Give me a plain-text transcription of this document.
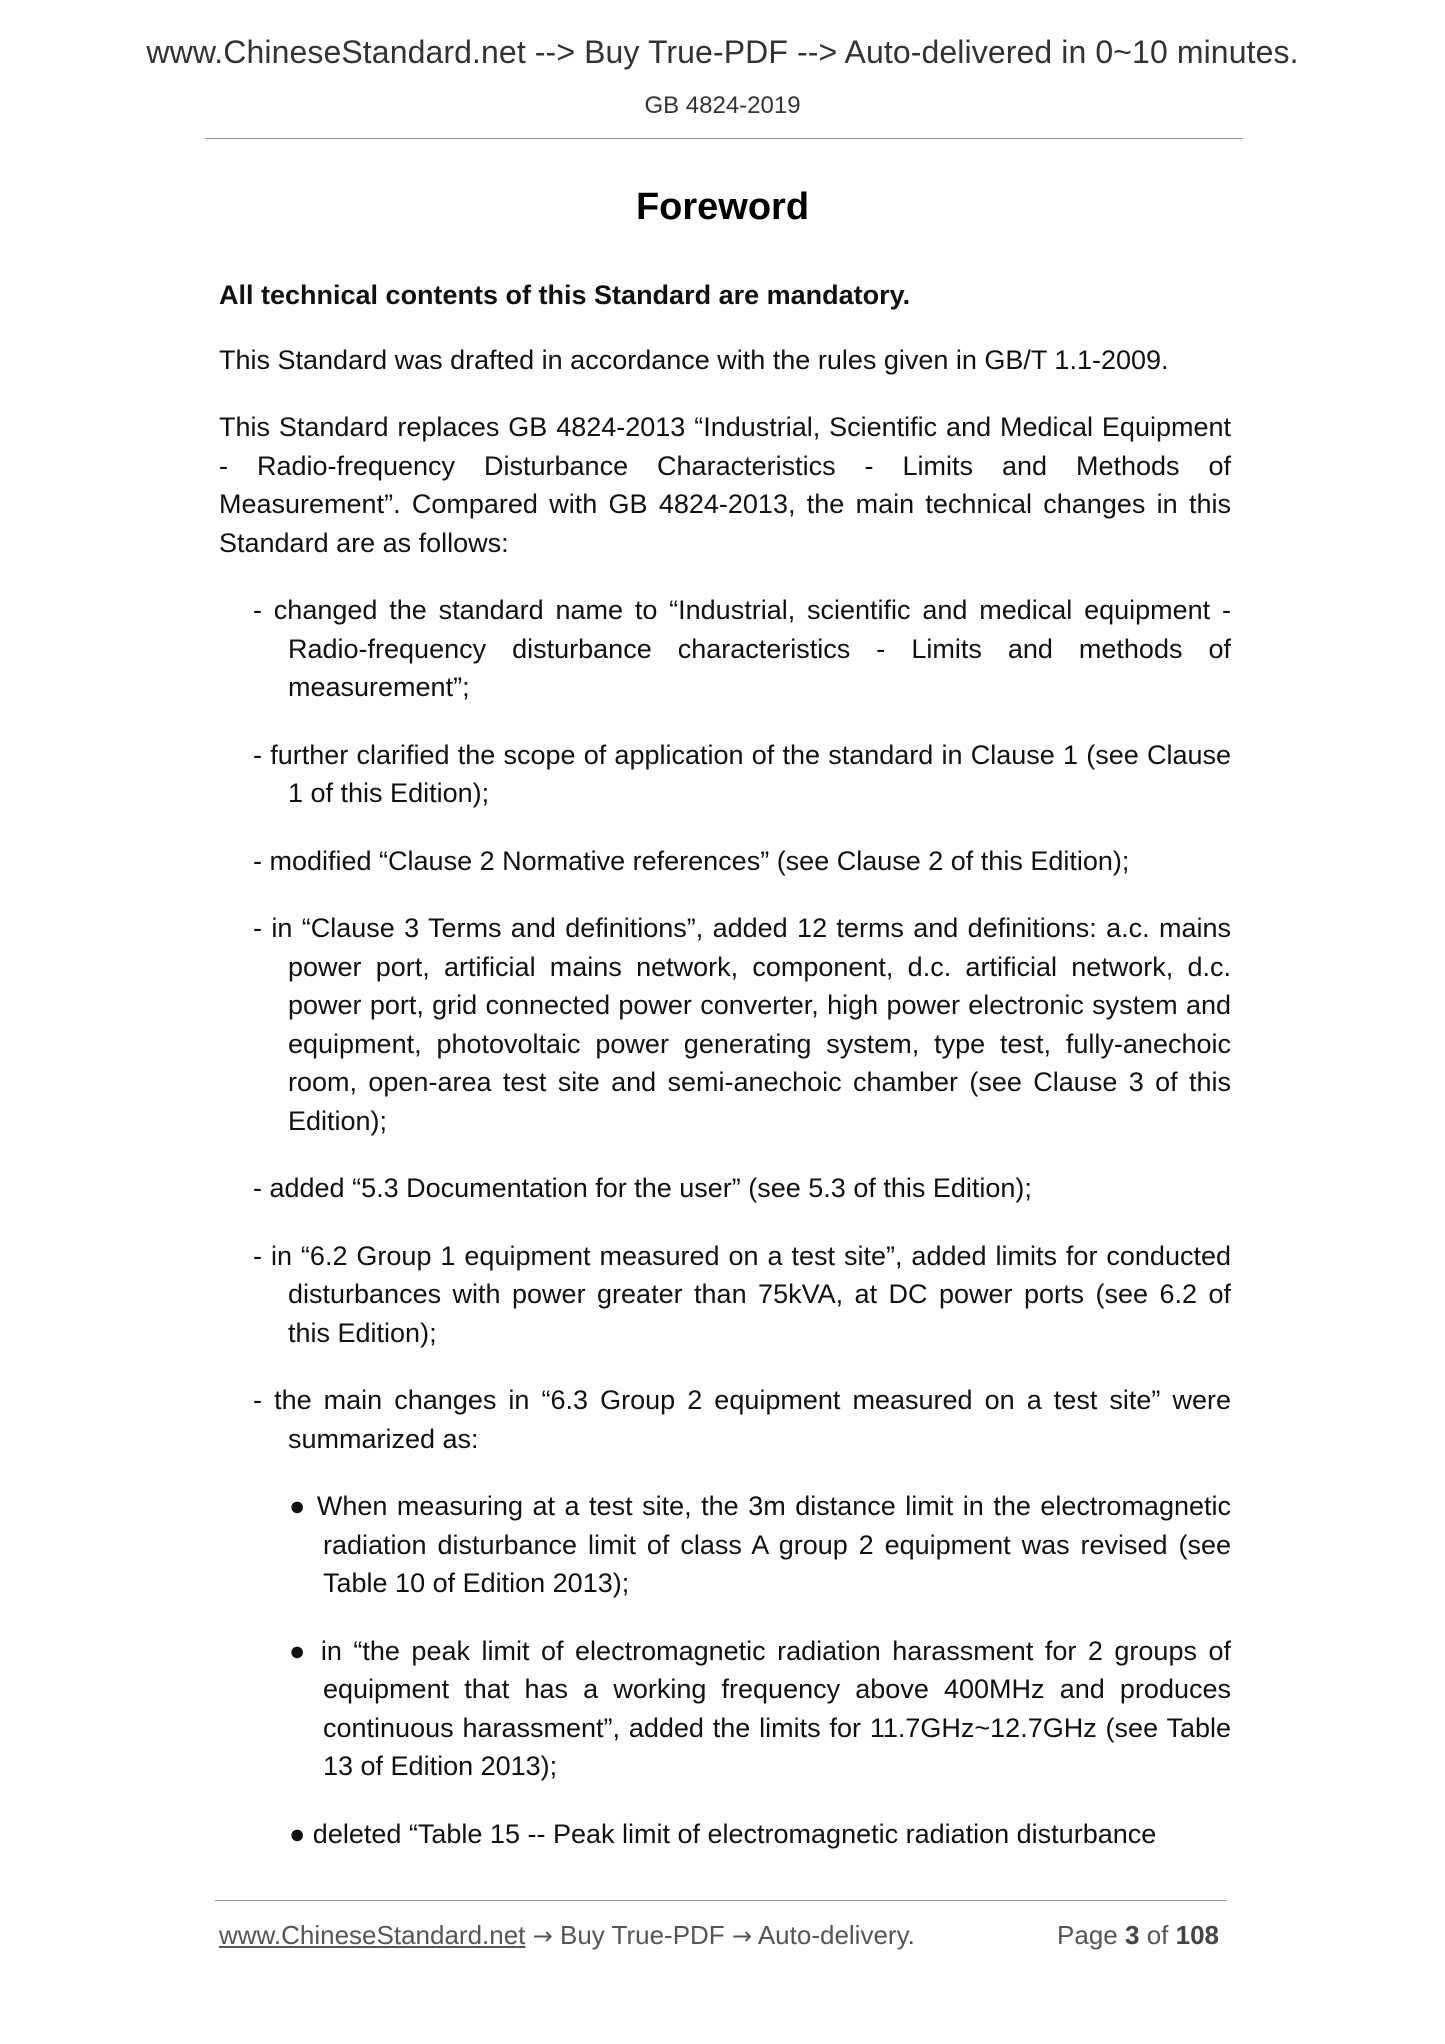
www.ChineseStandard.net --> Buy True-PDF --> Auto-delivered in 0~10 minutes.
GB 4824-2019
Foreword

All technical contents of this Standard are mandatory.

This Standard was drafted in accordance with the rules given in GB/T 1.1-2009.

This Standard replaces GB 4824-2013 “Industrial, Scientific and Medical Equipment - Radio-frequency Disturbance Characteristics - Limits and Methods of Measurement”. Compared with GB 4824-2013, the main technical changes in this Standard are as follows:

- changed the standard name to “Industrial, scientific and medical equipment - Radio-frequency disturbance characteristics - Limits and methods of measurement”;
- further clarified the scope of application of the standard in Clause 1 (see Clause 1 of this Edition);
- modified “Clause 2 Normative references” (see Clause 2 of this Edition);
- in “Clause 3 Terms and definitions”, added 12 terms and definitions: a.c. mains power port, artificial mains network, component, d.c. artificial network, d.c. power port, grid connected power converter, high power electronic system and equipment, photovoltaic power generating system, type test, fully-anechoic room, open-area test site and semi-anechoic chamber (see Clause 3 of this Edition);
- added “5.3 Documentation for the user” (see 5.3 of this Edition);
- in “6.2 Group 1 equipment measured on a test site”, added limits for conducted disturbances with power greater than 75kVA, at DC power ports (see 6.2 of this Edition);
- the main changes in “6.3 Group 2 equipment measured on a test site” were summarized as:
● When measuring at a test site, the 3m distance limit in the electromagnetic radiation disturbance limit of class A group 2 equipment was revised (see Table 10 of Edition 2013);
● in “the peak limit of electromagnetic radiation harassment for 2 groups of equipment that has a working frequency above 400MHz and produces continuous harassment”, added the limits for 11.7GHz~12.7GHz (see Table 13 of Edition 2013);
● deleted “Table 15 -- Peak limit of electromagnetic radiation disturbance
www.ChineseStandard.net → Buy True-PDF → Auto-delivery.	Page 3 of 108
